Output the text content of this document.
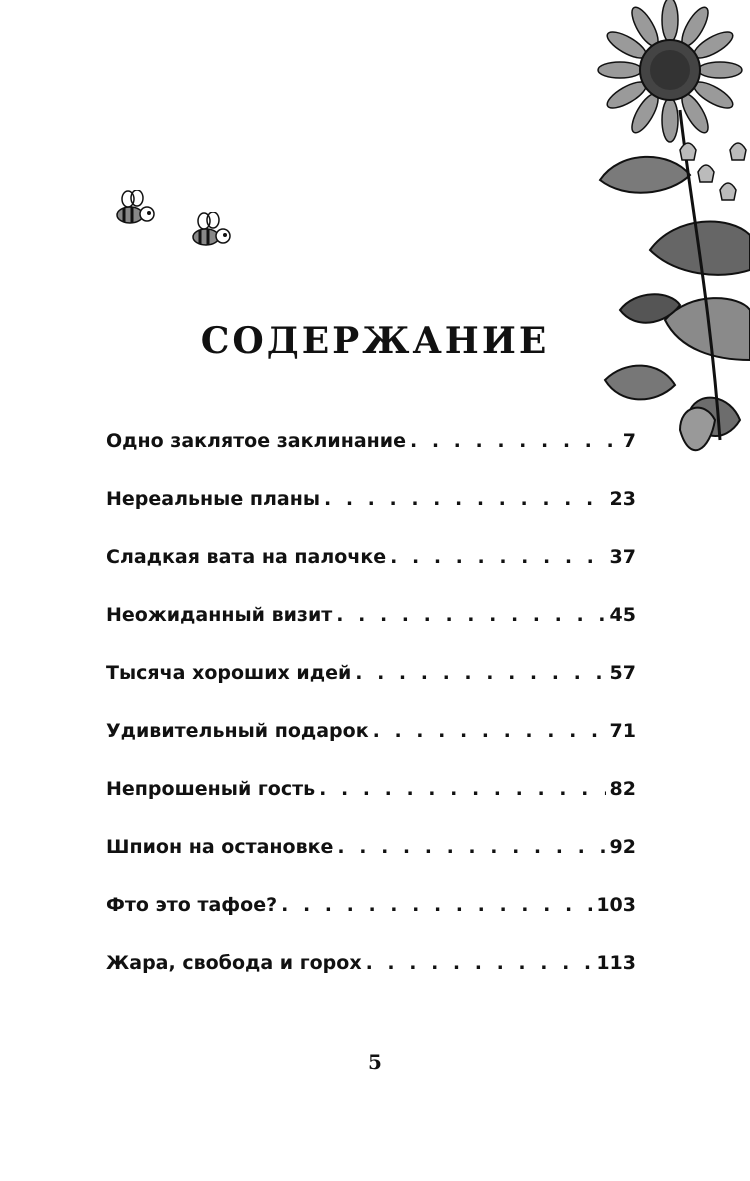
СОДЕРЖАНИЕ
Одно заклятое заклинание . . .	7
Нереальные планы . . .	23
Сладкая вата на палочке . . .	37
Неожиданный визит . . .	45
Тысяча хороших идей . . .	57
Удивительный подарок . . .	71
Непрошеный гость . . .	82
Шпион на остановке . . .	92
Фто это тафое? . . .	103
Жара, свобода и горох . . .	113
5
